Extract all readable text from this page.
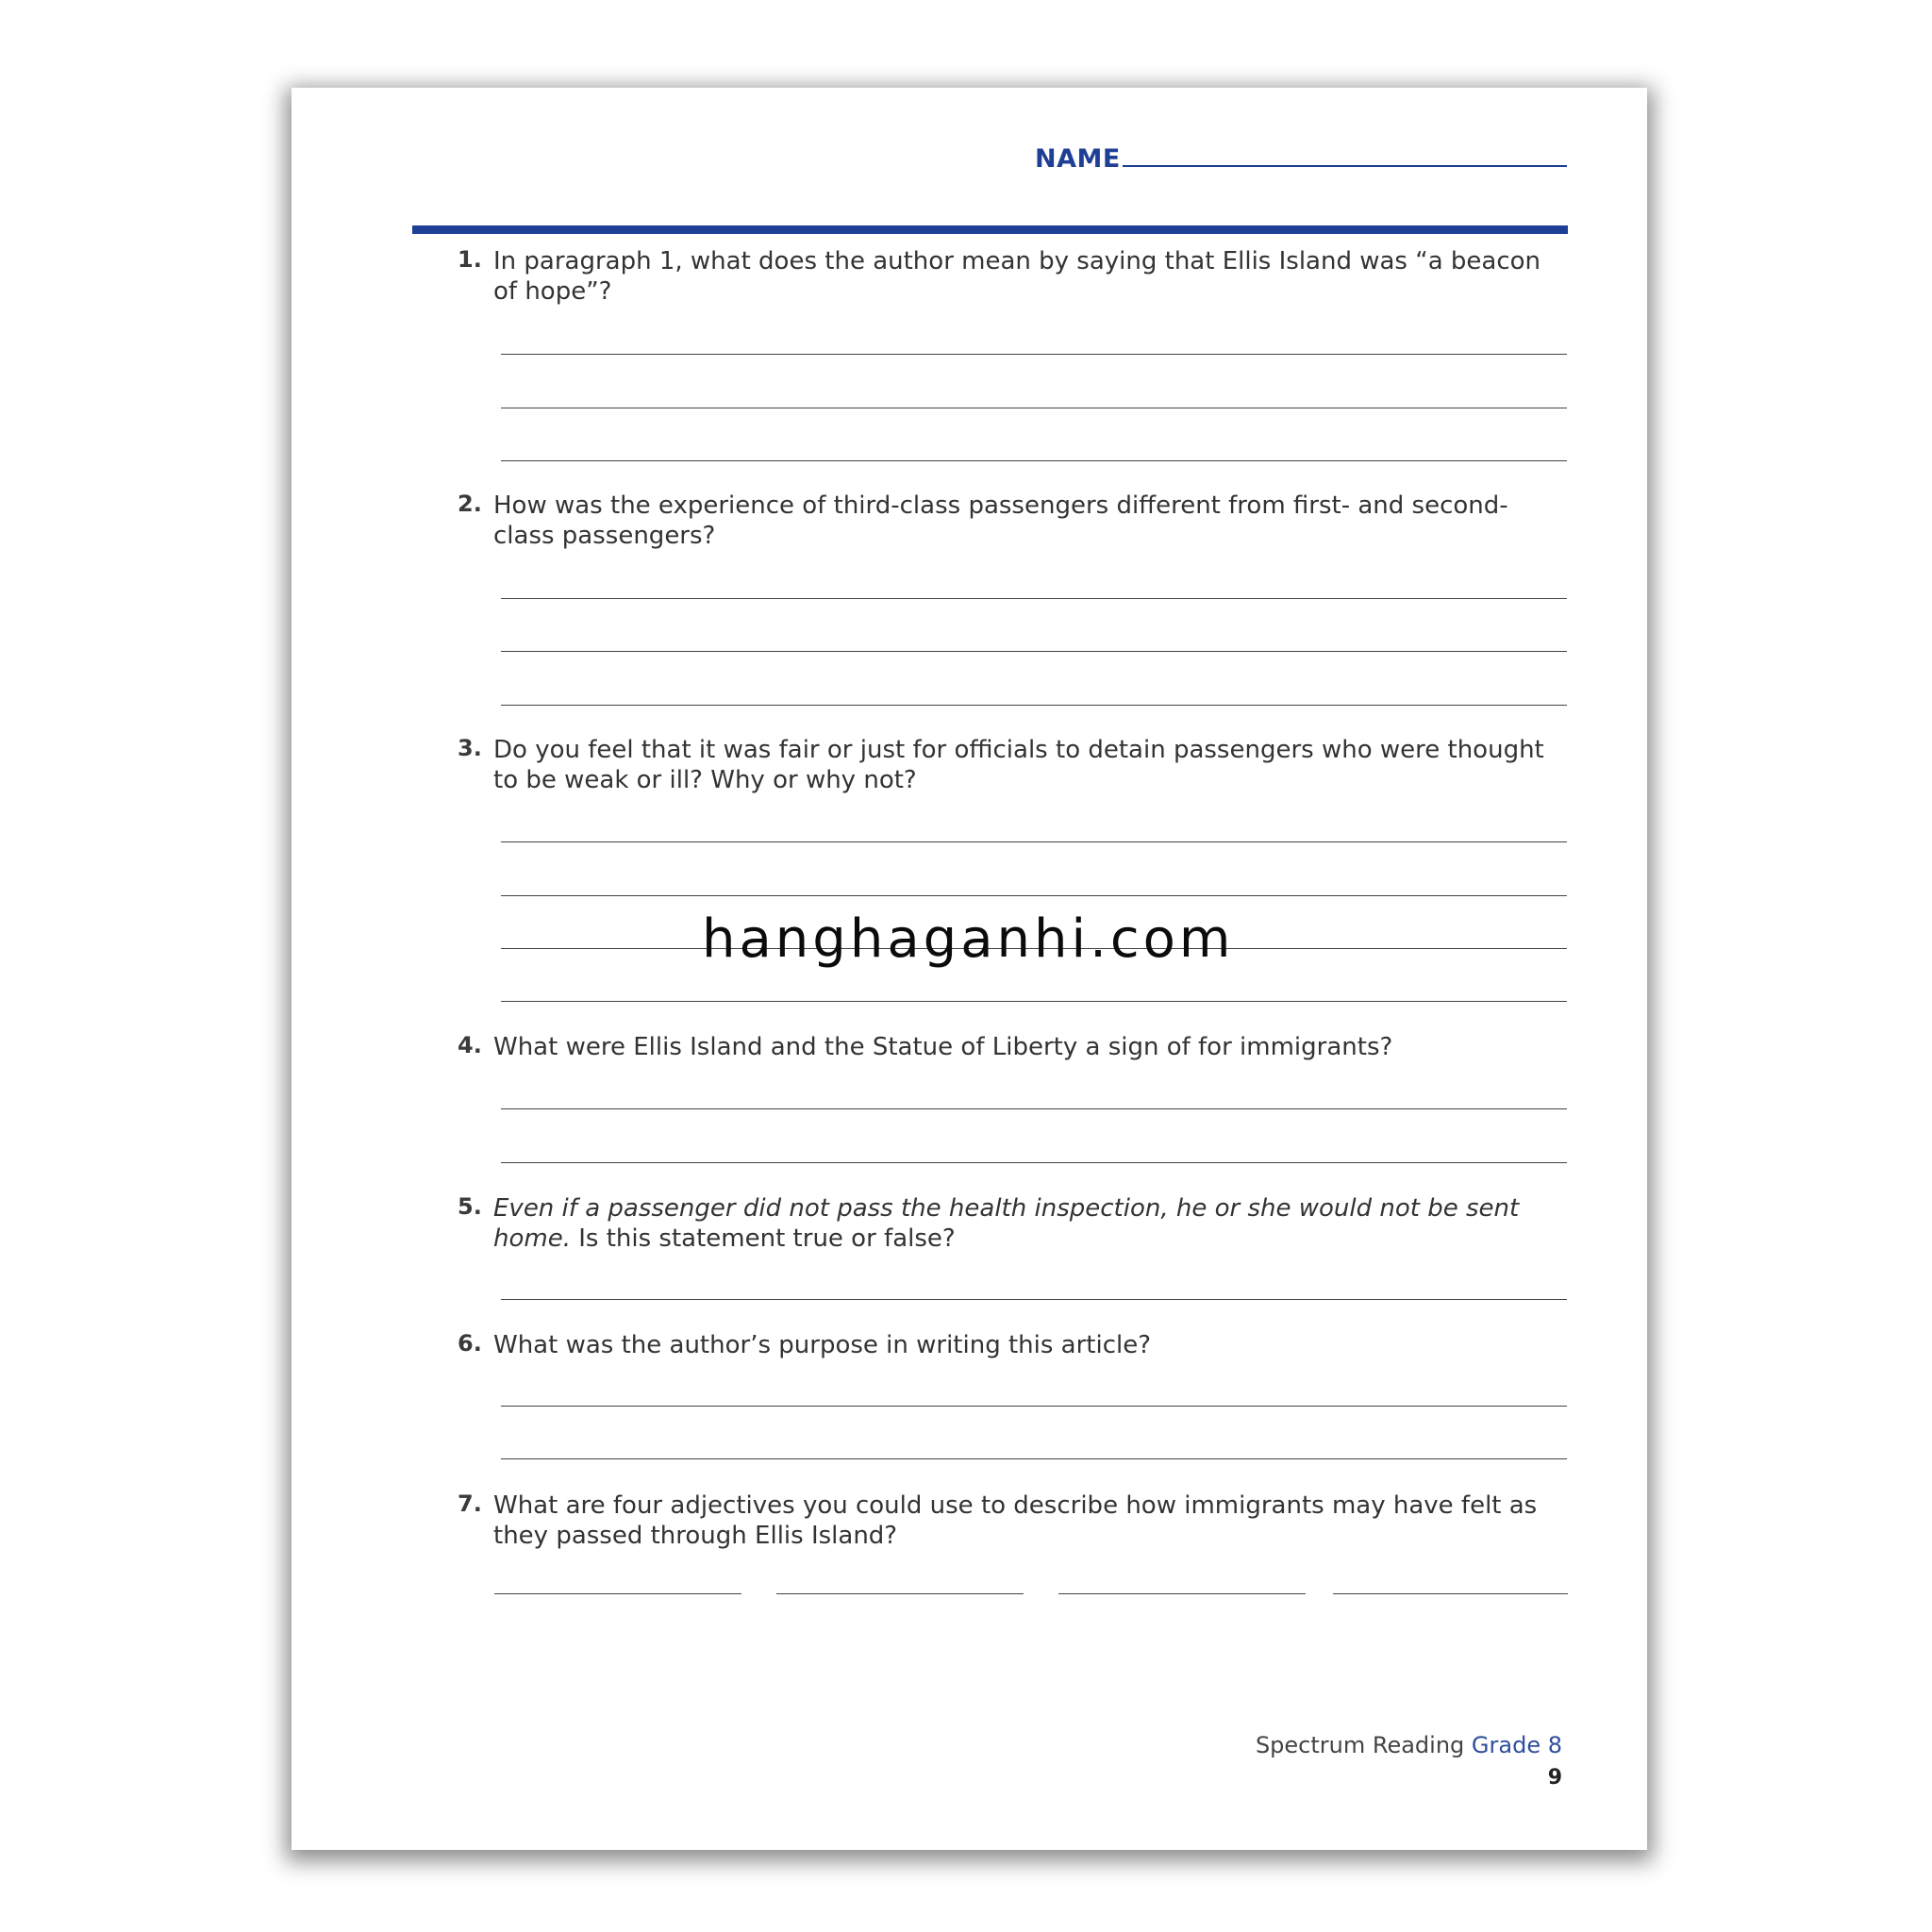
NAME
1. In paragraph 1, what does the author mean by saying that Ellis Island was “a beacon of hope”?
2. How was the experience of third-class passengers different from first- and second-class passengers?
3. Do you feel that it was fair or just for officials to detain passengers who were thought to be weak or ill? Why or why not?
4. What were Ellis Island and the Statue of Liberty a sign of for immigrants?
5. Even if a passenger did not pass the health inspection, he or she would not be sent home. Is this statement true or false?
6. What was the author’s purpose in writing this article?
7. What are four adjectives you could use to describe how immigrants may have felt as they passed through Ellis Island?
Spectrum Reading Grade 8
9
hanghaganhi.com
